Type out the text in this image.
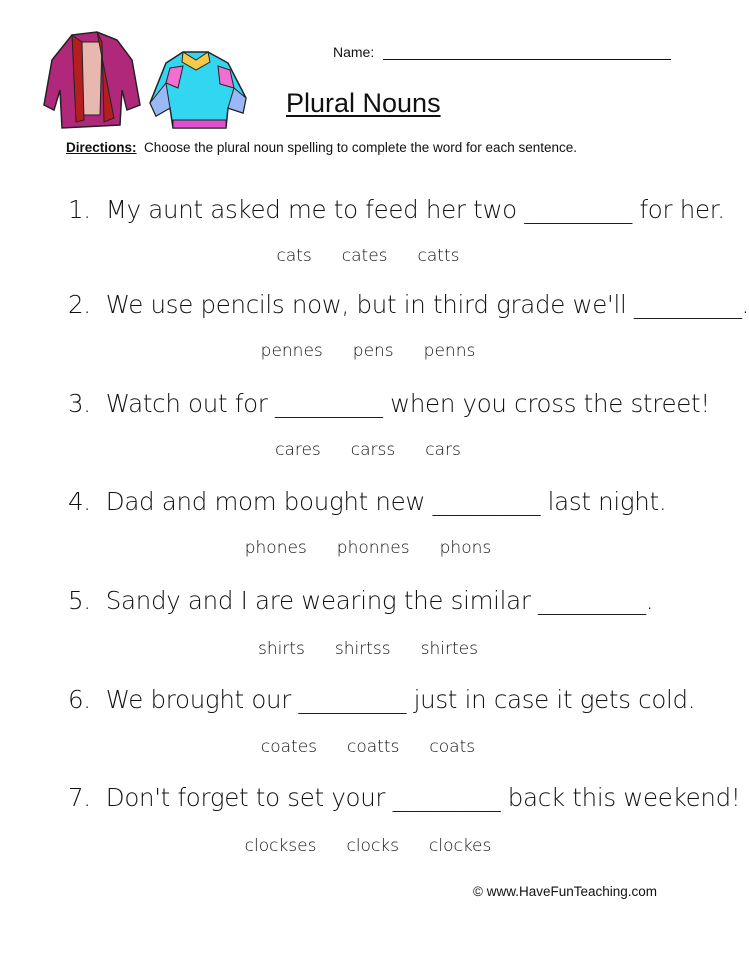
Name:
Plural Nouns
Directions: Choose the plural noun spelling to complete the word for each sentence.
1. My aunt asked me to feed her two _________ for her.
cats cates catts
2. We use pencils now, but in third grade we'll _________.
pennes pens penns
3. Watch out for _________ when you cross the street!
cares carss cars
4. Dad and mom bought new _________ last night.
phones phonnes phons
5. Sandy and I are wearing the similar _________.
shirts shirtss shirtes
6. We brought our _________ just in case it gets cold.
coates coatts coats
7. Don't forget to set your _________ back this weekend!
clockses clocks clockes
© www.HaveFunTeaching.com
